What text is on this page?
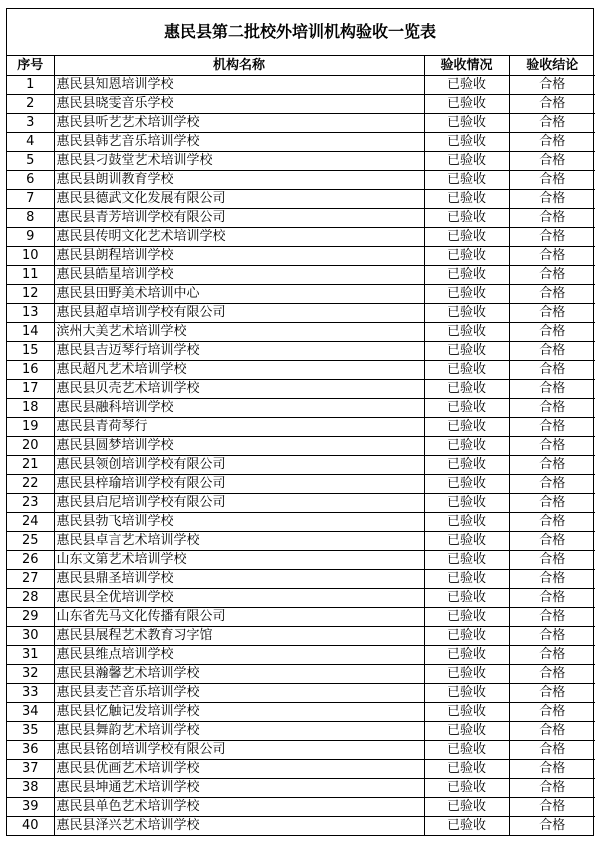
惠民县第二批校外培训机构验收一览表
序号	机构名称	验收情况	验收结论
1	惠民县知恩培训学校	已验收	合格
2	惠民县晓雯音乐学校	已验收	合格
3	惠民县听艺艺术培训学校	已验收	合格
4	惠民县韩艺音乐培训学校	已验收	合格
5	惠民县刁鼓堂艺术培训学校	已验收	合格
6	惠民县朗训教育学校	已验收	合格
7	惠民县德武文化发展有限公司	已验收	合格
8	惠民县青芳培训学校有限公司	已验收	合格
9	惠民县传明文化艺术培训学校	已验收	合格
10	惠民县朗程培训学校	已验收	合格
11	惠民县皓星培训学校	已验收	合格
12	惠民县田野美术培训中心	已验收	合格
13	惠民县超卓培训学校有限公司	已验收	合格
14	滨州大美艺术培训学校	已验收	合格
15	惠民县吉迈琴行培训学校	已验收	合格
16	惠民超凡艺术培训学校	已验收	合格
17	惠民县贝壳艺术培训学校	已验收	合格
18	惠民县融科培训学校	已验收	合格
19	惠民县青荷琴行	已验收	合格
20	惠民县圆梦培训学校	已验收	合格
21	惠民县领创培训学校有限公司	已验收	合格
22	惠民县梓瑜培训学校有限公司	已验收	合格
23	惠民县启尼培训学校有限公司	已验收	合格
24	惠民县勃飞培训学校	已验收	合格
25	惠民县卓言艺术培训学校	已验收	合格
26	山东文第艺术培训学校	已验收	合格
27	惠民县鼎圣培训学校	已验收	合格
28	惠民县全优培训学校	已验收	合格
29	山东省先马文化传播有限公司	已验收	合格
30	惠民县展程艺术教育习字馆	已验收	合格
31	惠民县维点培训学校	已验收	合格
32	惠民县瀚馨艺术培训学校	已验收	合格
33	惠民县麦芒音乐培训学校	已验收	合格
34	惠民县忆触记发培训学校	已验收	合格
35	惠民县舞韵艺术培训学校	已验收	合格
36	惠民县铭创培训学校有限公司	已验收	合格
37	惠民县优画艺术培训学校	已验收	合格
38	惠民县坤通艺术培训学校	已验收	合格
39	惠民县单色艺术培训学校	已验收	合格
40	惠民县泽兴艺术培训学校	已验收	合格
